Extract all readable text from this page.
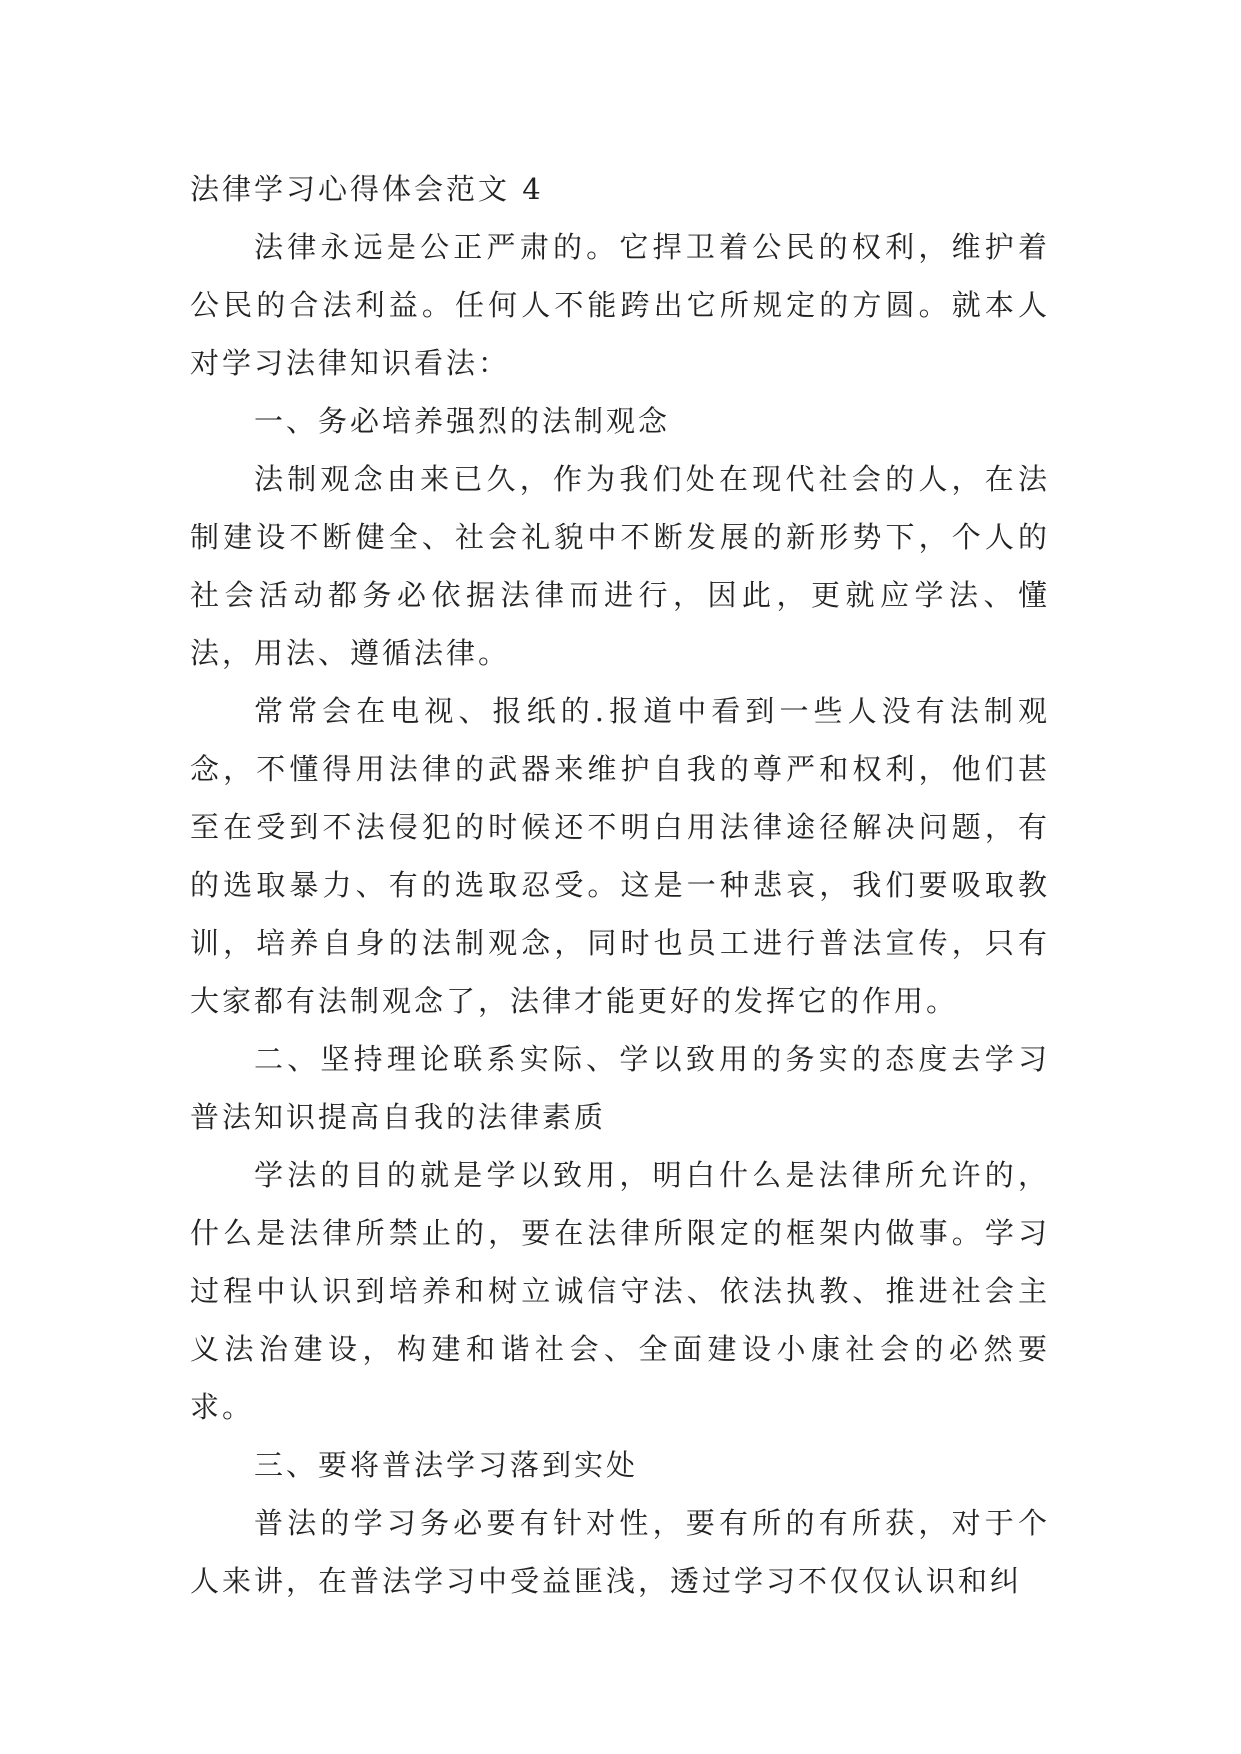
法律学习心得体会范文 4

法律永远是公正严肃的。它捍卫着公民的权利，维护着公民的合法利益。任何人不能跨出它所规定的方圆。就本人对学习法律知识看法：

一、务必培养强烈的法制观念

法制观念由来已久，作为我们处在现代社会的人，在法制建设不断健全、社会礼貌中不断发展的新形势下，个人的社会活动都务必依据法律而进行，因此，更就应学法、懂法，用法、遵循法律。

常常会在电视、报纸的.报道中看到一些人没有法制观念，不懂得用法律的武器来维护自我的尊严和权利，他们甚至在受到不法侵犯的时候还不明白用法律途径解决问题，有的选取暴力、有的选取忍受。这是一种悲哀，我们要吸取教训，培养自身的法制观念，同时也员工进行普法宣传，只有大家都有法制观念了，法律才能更好的发挥它的作用。

二、坚持理论联系实际、学以致用的务实的态度去学习普法知识提高自我的法律素质

学法的目的就是学以致用，明白什么是法律所允许的，什么是法律所禁止的，要在法律所限定的框架内做事。学习过程中认识到培养和树立诚信守法、依法执教、推进社会主义法治建设，构建和谐社会、全面建设小康社会的必然要求。

三、要将普法学习落到实处

普法的学习务必要有针对性，要有所的有所获，对于个人来讲，在普法学习中受益匪浅，透过学习不仅仅认识和纠
